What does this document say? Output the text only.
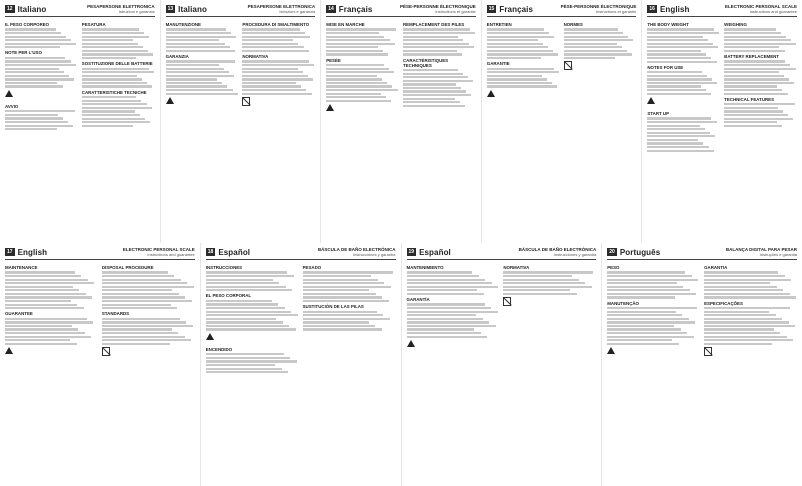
12 Italiano	PESAPERSONE ELETTRONICA
Istruzioni e garanzia
IL PESO CORPOREO
NOTE PER L'USO
AVVIO
PESATURA
SOSTITUZIONE DELLE BATTERIE
CARATTERISTICHE TECNICHE
13 Italiano	PESAPERSONE ELETTRONICA
Istruzioni e garanzia
MANUTENZIONE
GARANZIA
PROCEDURA DI SMALTIMENTO
NORMATIVA
14 Français	PÈSE-PERSONNE ÉLECTRONIQUE
Instructions et garantie
MISE EN MARCHE
PESÉE
REMPLACEMENT DES PILES
CARACTÉRISTIQUES TECHNIQUES
15 Français	PÈSE-PERSONNE ÉLECTRONIQUE
Instructions et garantie
ENTRETIEN
GARANTIE
NORMES
16 English	ELECTRONIC PERSONAL SCALE
Instructions and guarantee
THE BODY WEIGHT
NOTES FOR USE
START UP
WEIGHING
BATTERY REPLACEMENT
TECHNICAL FEATURES
17 English	ELECTRONIC PERSONAL SCALE
Instructions and guarantee
MAINTENANCE
GUARANTEE
DISPOSAL PROCEDURE
STANDARDS
18 Español	BÁSCULA DE BAÑO ELECTRÓNICA
Instrucciones y garantía
INSTRUCCIONES
EL PESO CORPORAL
ENCENDIDO
PESADO
SUSTITUCIÓN DE LAS PILAS
19 Español	BÁSCULA DE BAÑO ELECTRÓNICA
Instrucciones y garantía
MANTENIMIENTO
GARANTÍA
NORMATIVA
20 Português	BALANÇA DIGITAL PARA PESAR
Instruções e garantia
PESO
MANUTENÇÃO
GARANTIA
ESPECIFICAÇÕES
